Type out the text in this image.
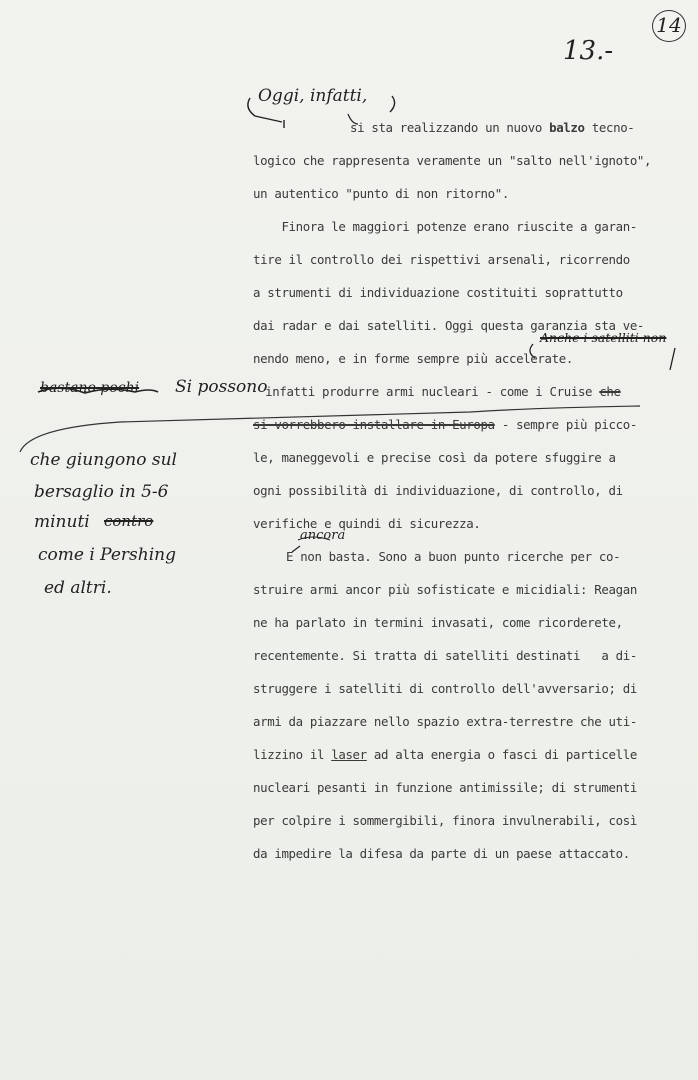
13.-
14
Oggi, infatti,
bastano pochi Si possono
Anche i satelliti non
ancora
che giungono sul
bersaglio in 5-6
minuti contro
come i Pershing
ed altri.
si sta realizzando un nuovo balzo tecno-
logico che rappresenta veramente un "salto nell'ignoto",
un autentico "punto di non ritorno".
Finora le maggiori potenze erano riuscite a garan-
tire il controllo dei rispettivi arsenali, ricorrendo
a strumenti di individuazione costituiti soprattutto
dai radar e dai satelliti. Oggi questa garanzia sta ve-
nendo meno, e in forme sempre più accelerate.
infatti produrre armi nucleari - come i Cruise che
si vorrebbero installare in Europa - sempre più picco-
le, maneggevoli e precise così da potere sfuggire a
ogni possibilità di individuazione, di controllo, di
verifiche e quindi di sicurezza.
E non basta. Sono a buon punto ricerche per co-
struire armi ancor più sofisticate e micidiali: Reagan
ne ha parlato in termini invasati, come ricorderete,
recentemente. Si tratta di satelliti destinati   a di-
struggere i satelliti di controllo dell'avversario; di
armi da piazzare nello spazio extra-terrestre che uti-
lizzino il laser ad alta energia o fasci di particelle
nucleari pesanti in funzione antimissile; di strumenti
per colpire i sommergibili, finora invulnerabili, così
da impedire la difesa da parte di un paese attaccato.
